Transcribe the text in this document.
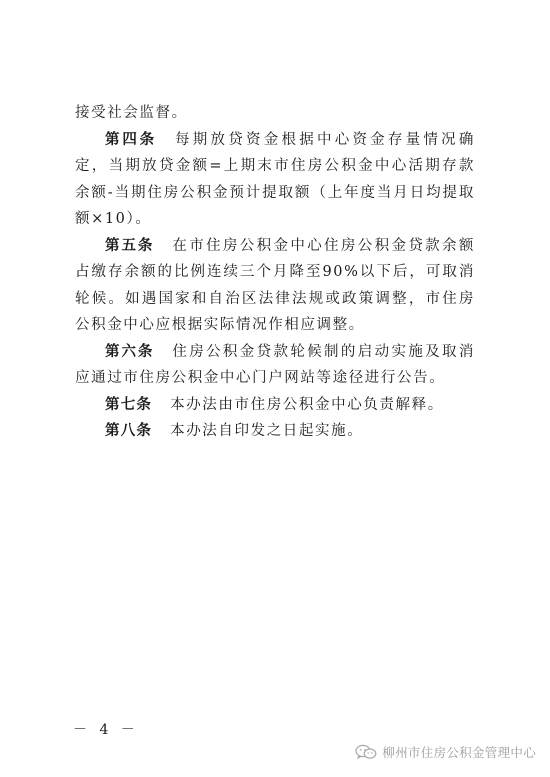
接受社会监督。

第四条 每期放贷资金根据中心资金存量情况确定，当期放贷金额=上期末市住房公积金中心活期存款余额-当期住房公积金预计提取额（上年度当月日均提取额×10）。

第五条 在市住房公积金中心住房公积金贷款余额占缴存余额的比例连续三个月降至90%以下后，可取消轮候。如遇国家和自治区法律法规或政策调整，市住房公积金中心应根据实际情况作相应调整。

第六条 住房公积金贷款轮候制的启动实施及取消应通过市住房公积金中心门户网站等途径进行公告。

第七条 本办法由市住房公积金中心负责解释。

第八条 本办法自印发之日起实施。

－ 4 －
柳州市住房公积金管理中心
